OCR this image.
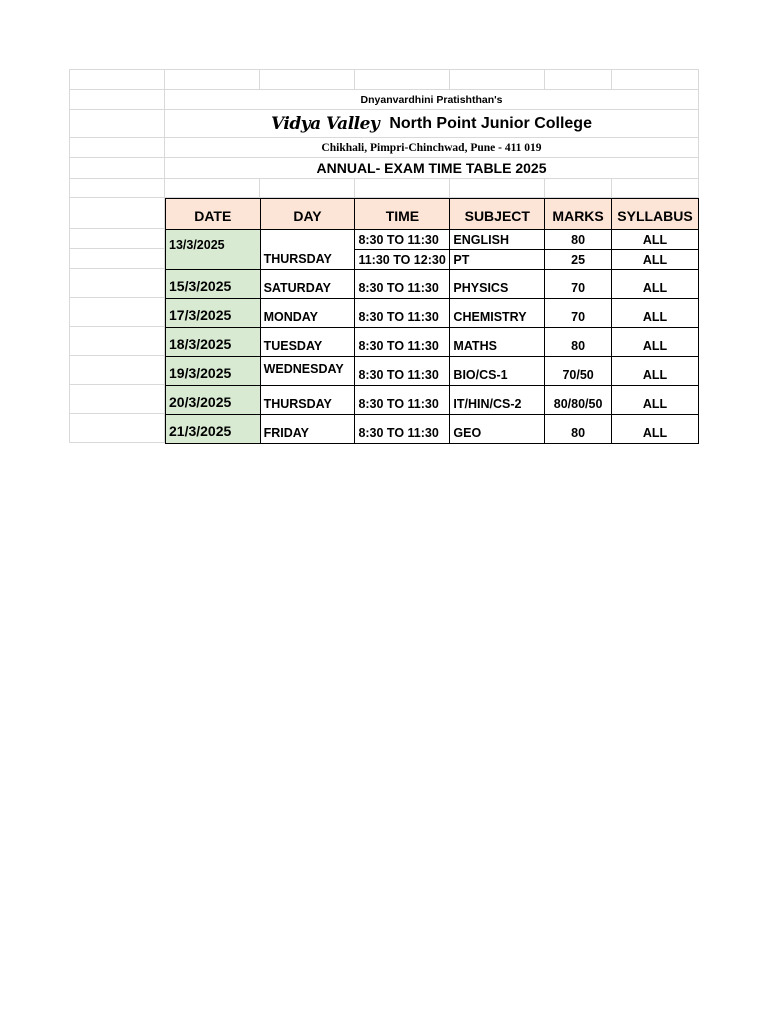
Dnyanvardhini Pratishthan's
Vidya Valley North Point Junior College
Chikhali, Pimpri-Chinchwad, Pune - 411 019
ANNUAL- EXAM TIME TABLE 2025
DATE	DAY	TIME	SUBJECT	MARKS	SYLLABUS
13/3/2025	THURSDAY	8:30 TO 11:30	ENGLISH	80	ALL
		11:30 TO 12:30	PT	25	ALL
15/3/2025	SATURDAY	8:30 TO 11:30	PHYSICS	70	ALL
17/3/2025	MONDAY	8:30 TO 11:30	CHEMISTRY	70	ALL
18/3/2025	TUESDAY	8:30 TO 11:30	MATHS	80	ALL
19/3/2025	WEDNESDAY	8:30 TO 11:30	BIO/CS-1	70/50	ALL
20/3/2025	THURSDAY	8:30 TO 11:30	IT/HIN/CS-2	80/80/50	ALL
21/3/2025	FRIDAY	8:30 TO 11:30	GEO	80	ALL
